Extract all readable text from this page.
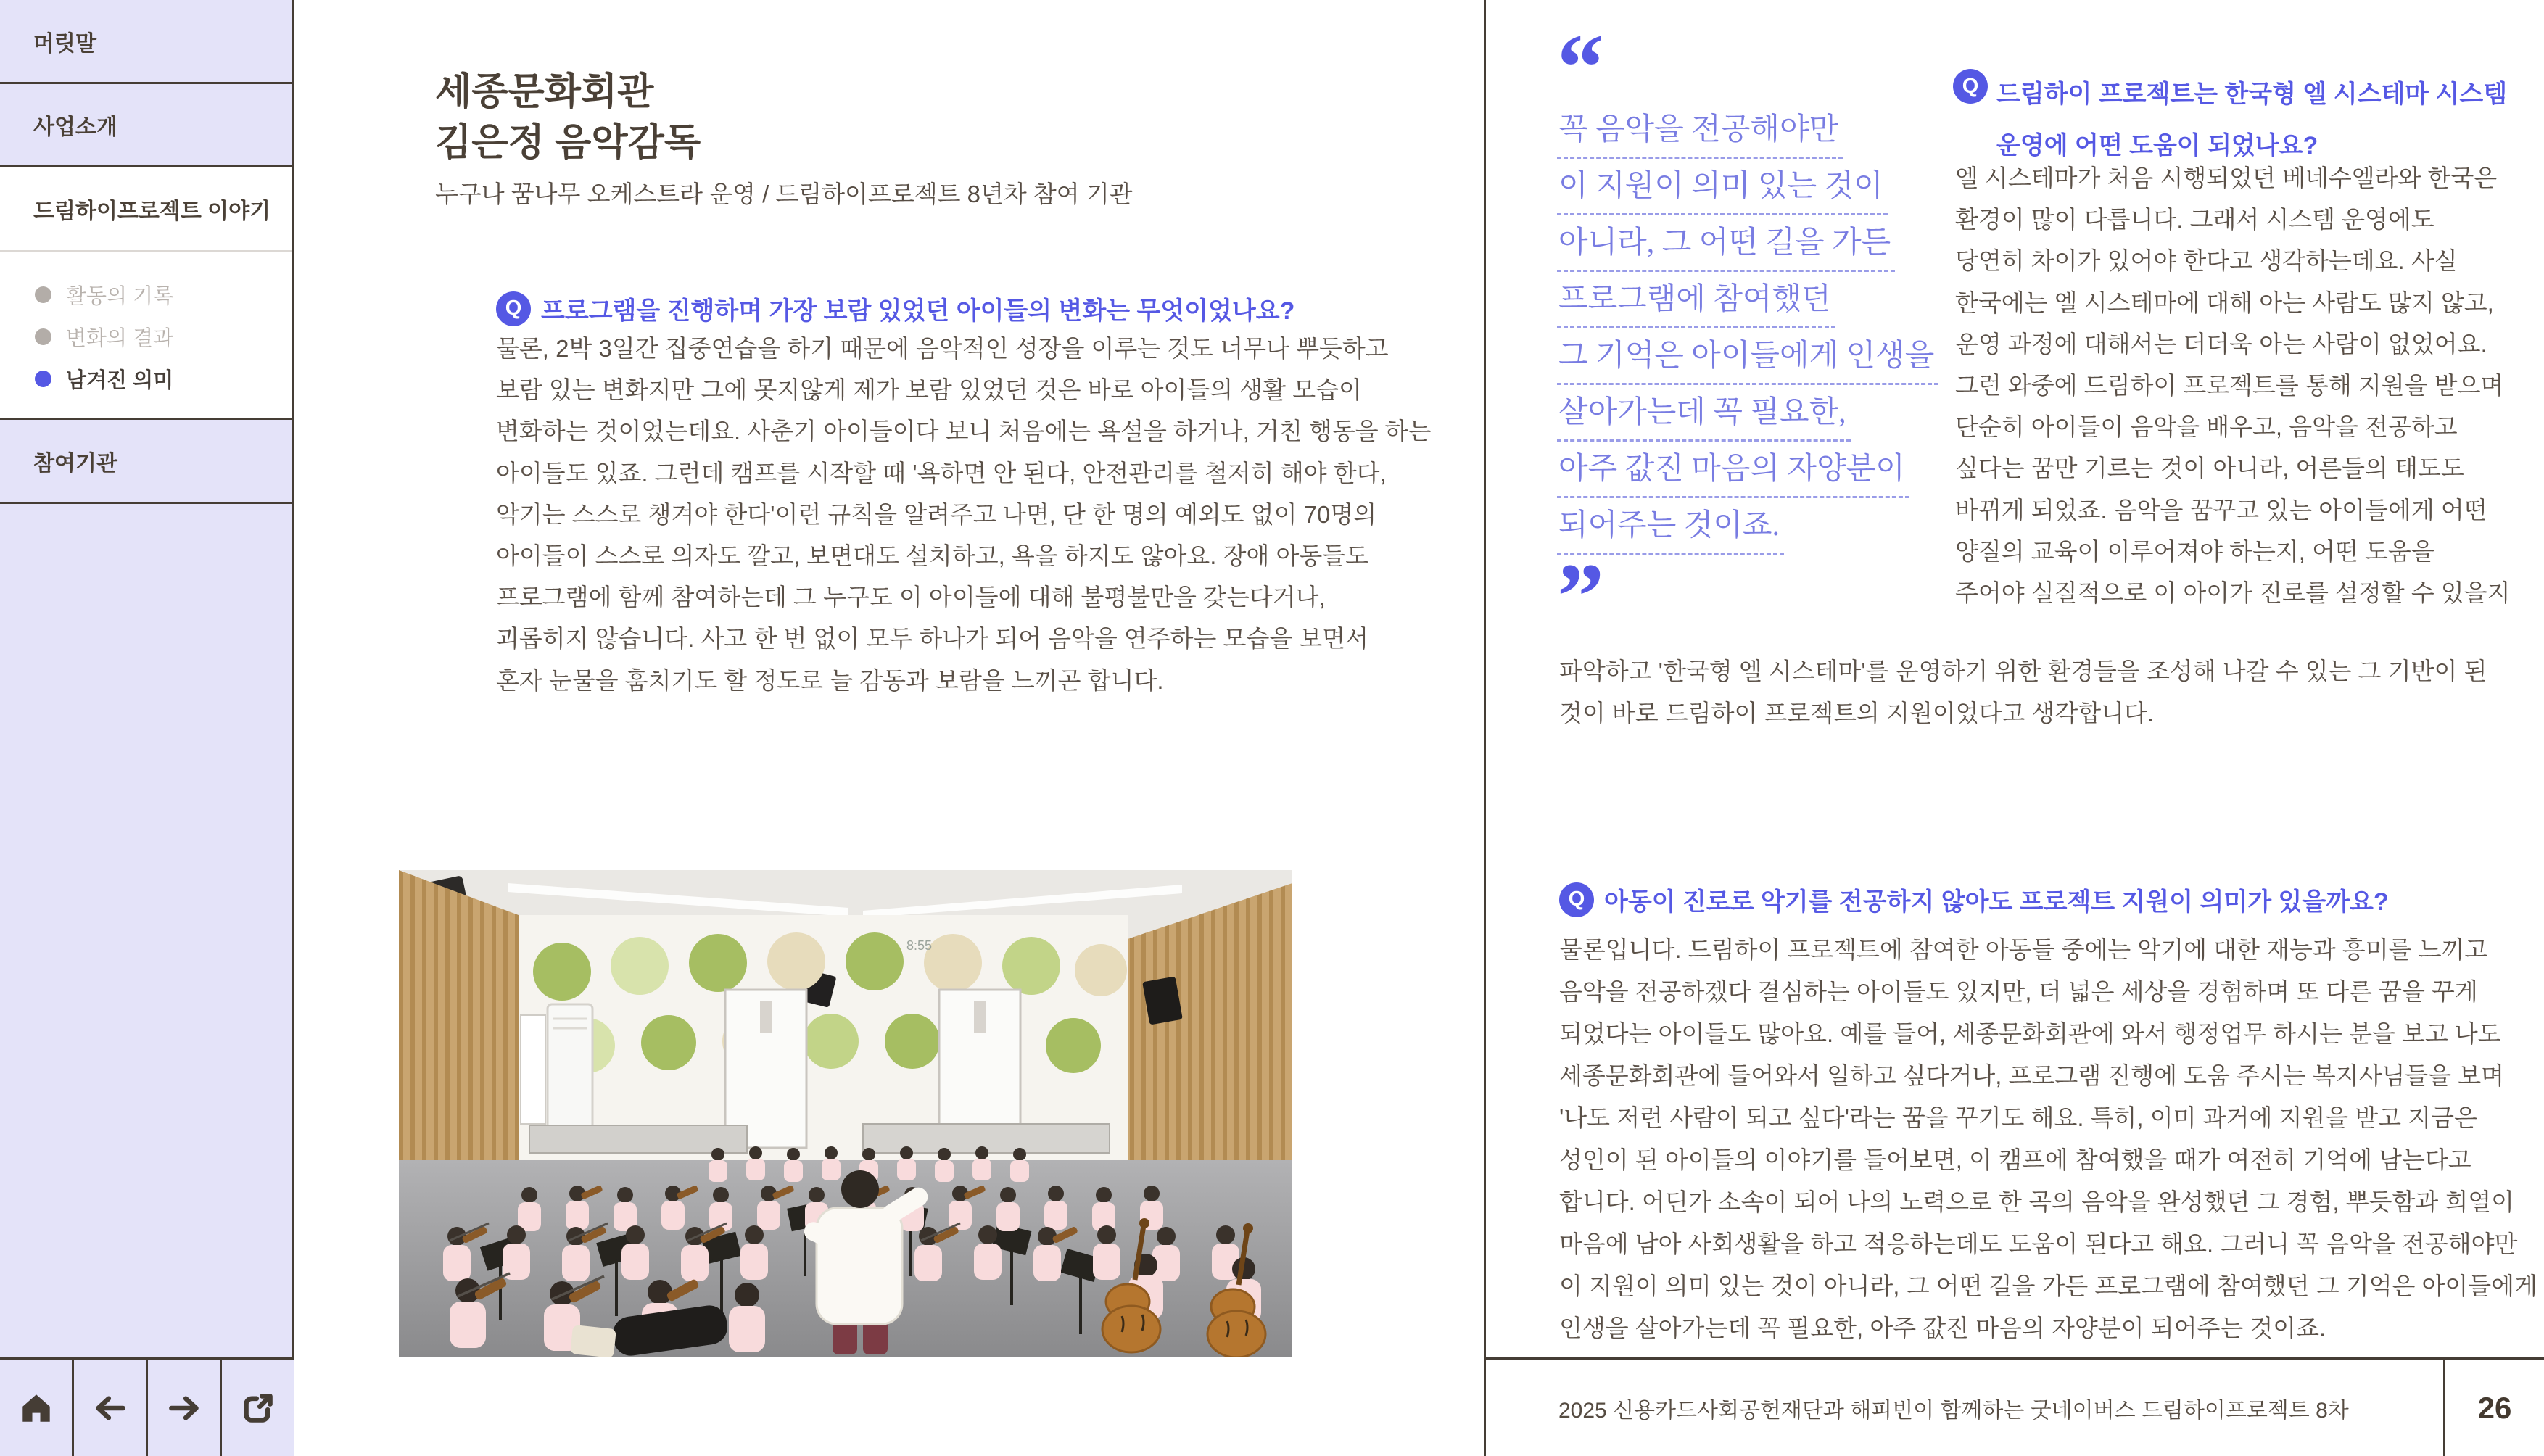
머릿말
사업소개
드림하이프로젝트 이야기
활동의 기록
변화의 결과
남겨진 의미
참여기관
세종문화회관
김은정 음악감독
누구나 꿈나무 오케스트라 운영 / 드림하이프로젝트 8년차 참여 기관
Q 프로그램을 진행하며 가장 보람 있었던 아이들의 변화는 무엇이었나요?
물론, 2박 3일간 집중연습을 하기 때문에 음악적인 성장을 이루는 것도 너무나 뿌듯하고
보람 있는 변화지만 그에 못지않게 제가 보람 있었던 것은 바로 아이들의 생활 모습이
변화하는 것이었는데요. 사춘기 아이들이다 보니 처음에는 욕설을 하거나, 거친 행동을 하는
아이들도 있죠. 그런데 캠프를 시작할 때 '욕하면 안 된다, 안전관리를 철저히 해야 한다,
악기는 스스로 챙겨야 한다'이런 규칙을 알려주고 나면, 단 한 명의 예외도 없이 70명의
아이들이 스스로 의자도 깔고, 보면대도 설치하고, 욕을 하지도 않아요. 장애 아동들도
프로그램에 함께 참여하는데 그 누구도 이 아이들에 대해 불평불만을 갖는다거나,
괴롭히지 않습니다. 사고 한 번 없이 모두 하나가 되어 음악을 연주하는 모습을 보면서
혼자 눈물을 훔치기도 할 정도로 늘 감동과 보람을 느끼곤 합니다.
8:55
“
꼭 음악을 전공해야만
이 지원이 의미 있는 것이
아니라, 그 어떤 길을 가든
프로그램에 참여했던
그 기억은 아이들에게 인생을
살아가는데 꼭 필요한,
아주 값진 마음의 자양분이
되어주는 것이죠.
”
Q 드림하이 프로젝트는 한국형 엘 시스테마 시스템
운영에 어떤 도움이 되었나요?
엘 시스테마가 처음 시행되었던 베네수엘라와 한국은
환경이 많이 다릅니다. 그래서 시스템 운영에도
당연히 차이가 있어야 한다고 생각하는데요. 사실
한국에는 엘 시스테마에 대해 아는 사람도 많지 않고,
운영 과정에 대해서는 더더욱 아는 사람이 없었어요.
그런 와중에 드림하이 프로젝트를 통해 지원을 받으며
단순히 아이들이 음악을 배우고, 음악을 전공하고
싶다는 꿈만 기르는 것이 아니라, 어른들의 태도도
바뀌게 되었죠. 음악을 꿈꾸고 있는 아이들에게 어떤
양질의 교육이 이루어져야 하는지, 어떤 도움을
주어야 실질적으로 이 아이가 진로를 설정할 수 있을지
파악하고 '한국형 엘 시스테마'를 운영하기 위한 환경들을 조성해 나갈 수 있는 그 기반이 된
것이 바로 드림하이 프로젝트의 지원이었다고 생각합니다.
Q 아동이 진로로 악기를 전공하지 않아도 프로젝트 지원이 의미가 있을까요?
물론입니다. 드림하이 프로젝트에 참여한 아동들 중에는 악기에 대한 재능과 흥미를 느끼고
음악을 전공하겠다 결심하는 아이들도 있지만, 더 넓은 세상을 경험하며 또 다른 꿈을 꾸게
되었다는 아이들도 많아요. 예를 들어, 세종문화회관에 와서 행정업무 하시는 분을 보고 나도
세종문화회관에 들어와서 일하고 싶다거나, 프로그램 진행에 도움 주시는 복지사님들을 보며
'나도 저런 사람이 되고 싶다'라는 꿈을 꾸기도 해요. 특히, 이미 과거에 지원을 받고 지금은
성인이 된 아이들의 이야기를 들어보면, 이 캠프에 참여했을 때가 여전히 기억에 남는다고
합니다. 어딘가 소속이 되어 나의 노력으로 한 곡의 음악을 완성했던 그 경험, 뿌듯함과 희열이
마음에 남아 사회생활을 하고 적응하는데도 도움이 된다고 해요. 그러니 꼭 음악을 전공해야만
이 지원이 의미 있는 것이 아니라, 그 어떤 길을 가든 프로그램에 참여했던 그 기억은 아이들에게
인생을 살아가는데 꼭 필요한, 아주 값진 마음의 자양분이 되어주는 것이죠.
2025 신용카드사회공헌재단과 해피빈이 함께하는 굿네이버스 드림하이프로젝트 8차	26
